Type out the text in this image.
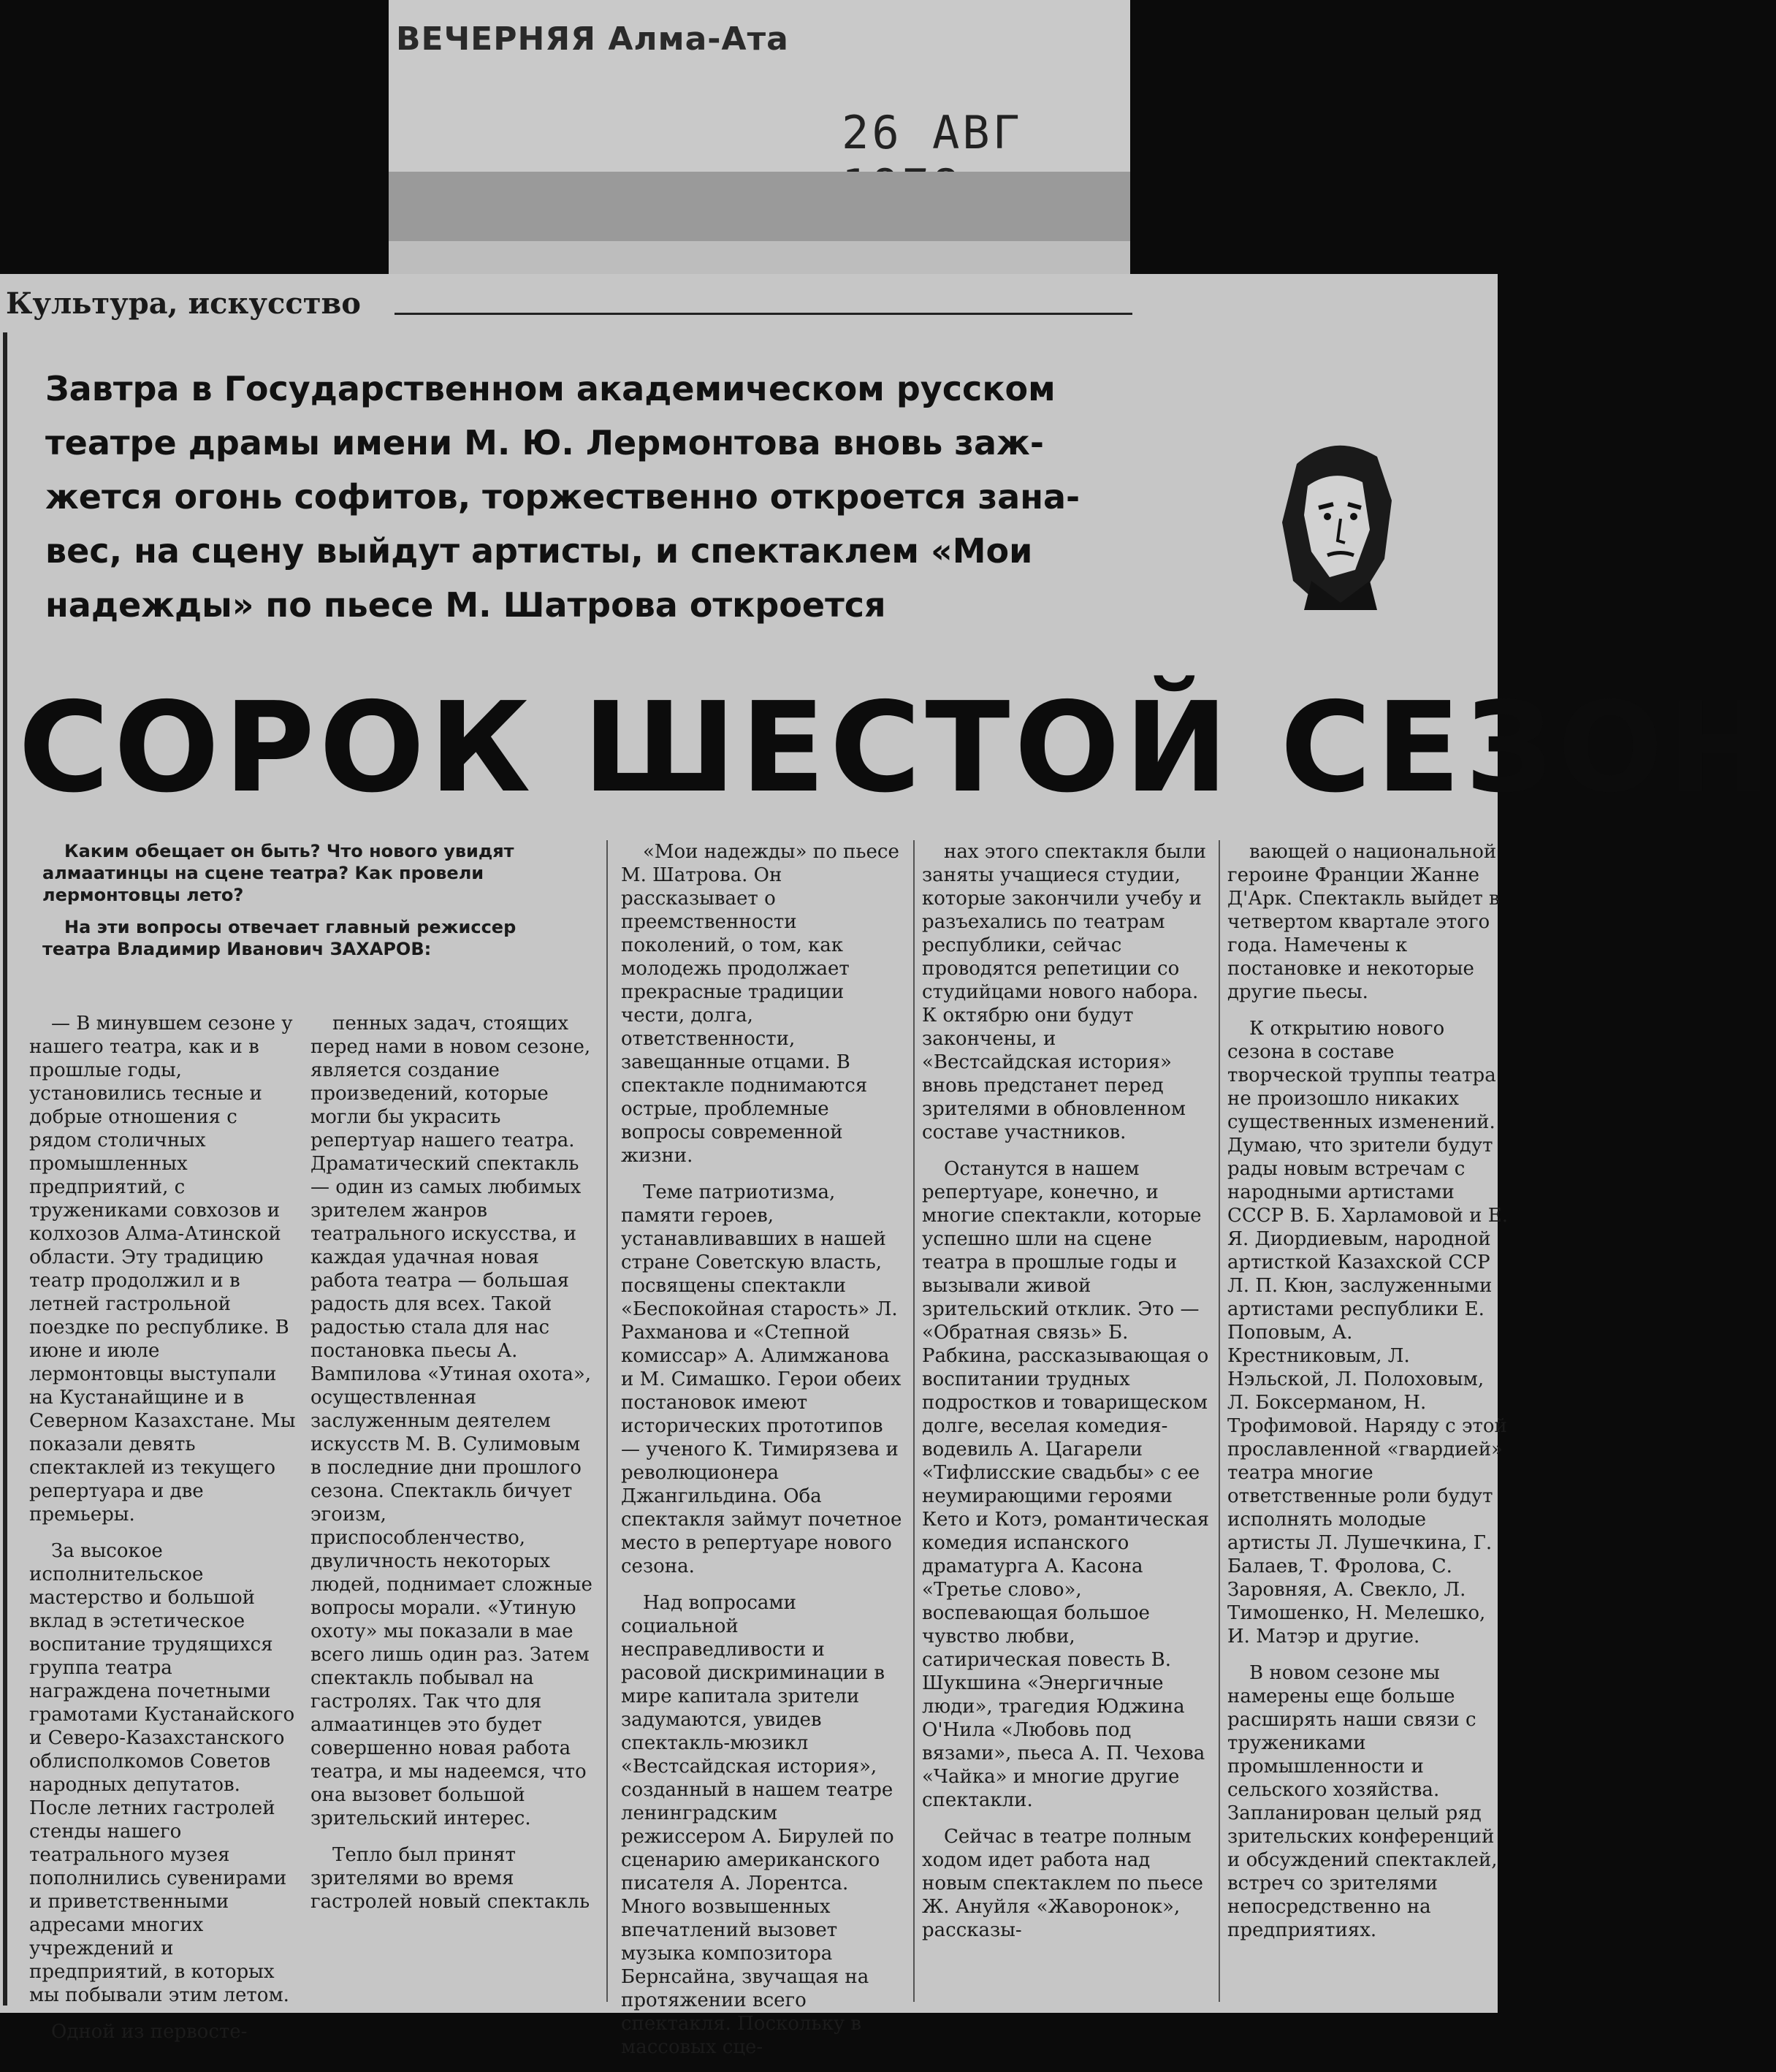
ВЕЧЕРНЯЯ Алма-Ата
26 АВГ
Культура, искусство
Завтра в Государственном академическом русском
театре драмы имени М. Ю. Лермонтова вновь заж-
жется огонь софитов, торжественно откроется зана-
вес, на сцену выйдут артисты, и спектаклем «Мои
надежды» по пьесе М. Шатрова откроется
СОРОК ШЕСТОЙ СЕЗОН

Каким обещает он быть? Что нового увидят алмаатинцы на сцене театра? Как провели лермонтовцы лето?

На эти вопросы отвечает главный режиссер театра Владимир Иванович ЗАХАРОВ:

— В минувшем сезоне у нашего театра, как и в прошлые годы, установились тесные и добрые отношения с рядом столичных промышленных предприятий, с тружениками совхозов и колхозов Алма-Атинской области. Эту традицию театр продолжил и в летней гастрольной поездке по республике. В июне и июле лермонтовцы выступали на Кустанайщине и в Северном Казахстане. Мы показали девять спектаклей из текущего репертуара и две премьеры.

За высокое исполнительское мастерство и большой вклад в эстетическое воспитание трудящихся группа театра награждена почетными грамотами Кустанайского и Северо-Казахстанского облисполкомов Советов народных депутатов. После летних гастролей стенды нашего театрального музея пополнились сувенирами и приветственными адресами многих учреждений и предприятий, в которых мы побывали этим летом.

Одной из первосте-

пенных задач, стоящих перед нами в новом сезоне, является создание произведений, которые могли бы украсить репертуар нашего театра. Драматический спектакль — один из самых любимых зрителем жанров театрального искусства, и каждая удачная новая работа театра — большая радость для всех. Такой радостью стала для нас постановка пьесы А. Вампилова «Утиная охота», осуществленная заслуженным деятелем искусств М. В. Сулимовым в последние дни прошлого сезона. Спектакль бичует эгоизм, приспособленчество, двуличность некоторых людей, поднимает сложные вопросы морали. «Утиную охоту» мы показали в мае всего лишь один раз. Затем спектакль побывал на гастролях. Так что для алмаатинцев это будет совершенно новая работа театра, и мы надеемся, что она вызовет большой зрительский интерес.

Тепло был принят зрителями во время гастролей новый спектакль

«Мои надежды» по пьесе М. Шатрова. Он рассказывает о преемственности поколений, о том, как молодежь продолжает прекрасные традиции чести, долга, ответственности, завещанные отцами. В спектакле поднимаются острые, проблемные вопросы современной жизни.

Теме патриотизма, памяти героев, устанавливавших в нашей стране Советскую власть, посвящены спектакли «Беспокойная старость» Л. Рахманова и «Степной комиссар» А. Алимжанова и М. Симашко. Герои обеих постановок имеют исторических прототипов — ученого К. Тимирязева и революционера Джангильдина. Оба спектакля займут почетное место в репертуаре нового сезона.

Над вопросами социальной несправедливости и расовой дискриминации в мире капитала зрители задумаются, увидев спектакль-мюзикл «Вестсайдская история», созданный в нашем театре ленинградским режиссером А. Бирулей по сценарию американского писателя А. Лорентса. Много возвышенных впечатлений вызовет музыка композитора Бернсайна, звучащая на протяжении всего спектакля. Поскольку в массовых сце-

нах этого спектакля были заняты учащиеся студии, которые закончили учебу и разъехались по театрам республики, сейчас проводятся репетиции со студийцами нового набора. К октябрю они будут закончены, и «Вестсайдская история» вновь предстанет перед зрителями в обновленном составе участников.

Останутся в нашем репертуаре, конечно, и многие спектакли, которые успешно шли на сцене театра в прошлые годы и вызывали живой зрительский отклик. Это — «Обратная связь» Б. Рабкина, рассказывающая о воспитании трудных подростков и товарищеском долге, веселая комедия-водевиль А. Цагарели «Тифлисские свадьбы» с ее неумирающими героями Кето и Котэ, романтическая комедия испанского драматурга А. Касона «Третье слово», воспевающая большое чувство любви, сатирическая повесть В. Шукшина «Энергичные люди», трагедия Юджина О'Нила «Любовь под вязами», пьеса А. П. Чехова «Чайка» и многие другие спектакли.

Сейчас в театре полным ходом идет работа над новым спектаклем по пьесе Ж. Ануйля «Жаворонок», рассказы-

вающей о национальной героине Франции Жанне Д'Арк. Спектакль выйдет в четвертом квартале этого года. Намечены к постановке и некоторые другие пьесы.

К открытию нового сезона в составе творческой труппы театра не произошло никаких существенных изменений. Думаю, что зрители будут рады новым встречам с народными артистами СССР В. Б. Харламовой и Е. Я. Диордиевым, народной артисткой Казахской ССР Л. П. Кюн, заслуженными артистами республики Е. Поповым, А. Крестниковым, Л. Нэльской, Л. Полоховым, Л. Боксерманом, Н. Трофимовой. Наряду с этой прославленной «гвардией» театра многие ответственные роли будут исполнять молодые артисты Л. Лушечкина, Г. Балаев, Т. Фролова, С. Заровняя, А. Свекло, Л. Тимошенко, Н. Мелешко, И. Матэр и другие.

В новом сезоне мы намерены еще больше расширять наши связи с тружениками промышленности и сельского хозяйства. Запланирован целый ряд зрительских конференций и обсуждений спектаклей, встреч со зрителями непосредственно на предприятиях.
